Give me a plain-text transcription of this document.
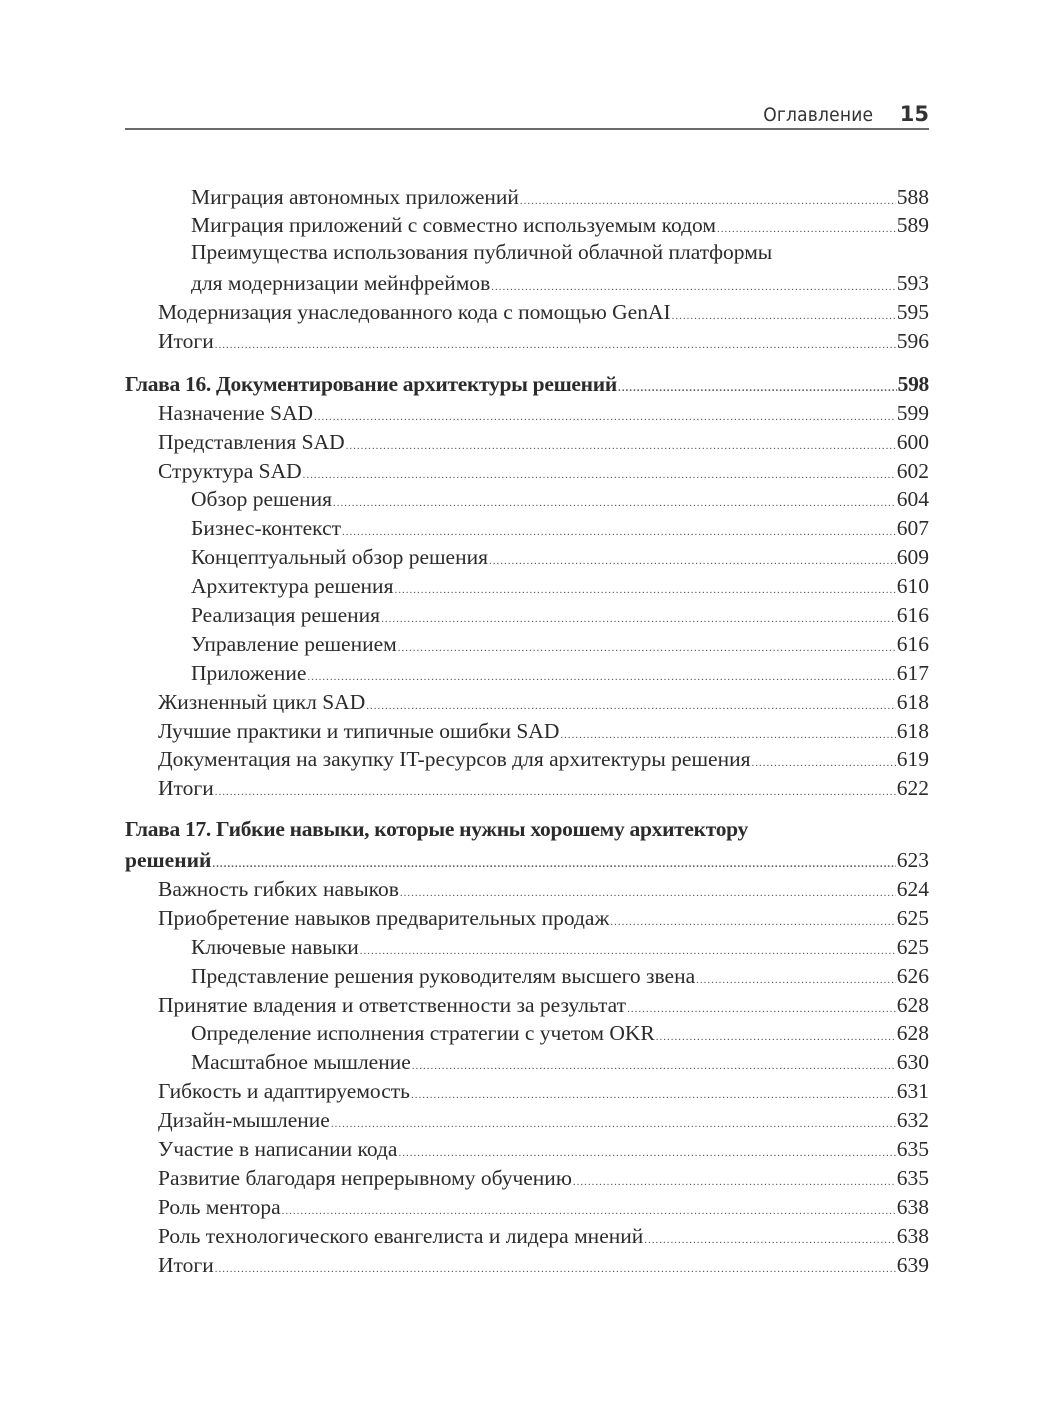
Оглавление 15
Миграция автономных приложений .....	588
Миграция приложений с совместно используемым кодом .....	589
Преимущества использования публичной облачной платформы
для модернизации мейнфреймов .....	593
Модернизация унаследованного кода с помощью GenAI .....	595
Итоги .....	596
Глава 16. Документирование архитектуры решений .....	598
Назначение SAD .....	599
Представления SAD .....	600
Структура SAD .....	602
Обзор решения .....	604
Бизнес-контекст .....	607
Концептуальный обзор решения .....	609
Архитектура решения .....	610
Реализация решения .....	616
Управление решением .....	616
Приложение .....	617
Жизненный цикл SAD .....	618
Лучшие практики и типичные ошибки SAD .....	618
Документация на закупку IT-ресурсов для архитектуры решения .....	619
Итоги .....	622
Глава 17. Гибкие навыки, которые нужны хорошему архитектору
решений .....	623
Важность гибких навыков .....	624
Приобретение навыков предварительных продаж .....	625
Ключевые навыки .....	625
Представление решения руководителям высшего звена .....	626
Принятие владения и ответственности за результат .....	628
Определение исполнения стратегии с учетом OKR .....	628
Масштабное мышление .....	630
Гибкость и адаптируемость .....	631
Дизайн-мышление .....	632
Участие в написании кода .....	635
Развитие благодаря непрерывному обучению .....	635
Роль ментора .....	638
Роль технологического евангелиста и лидера мнений .....	638
Итоги .....	639
